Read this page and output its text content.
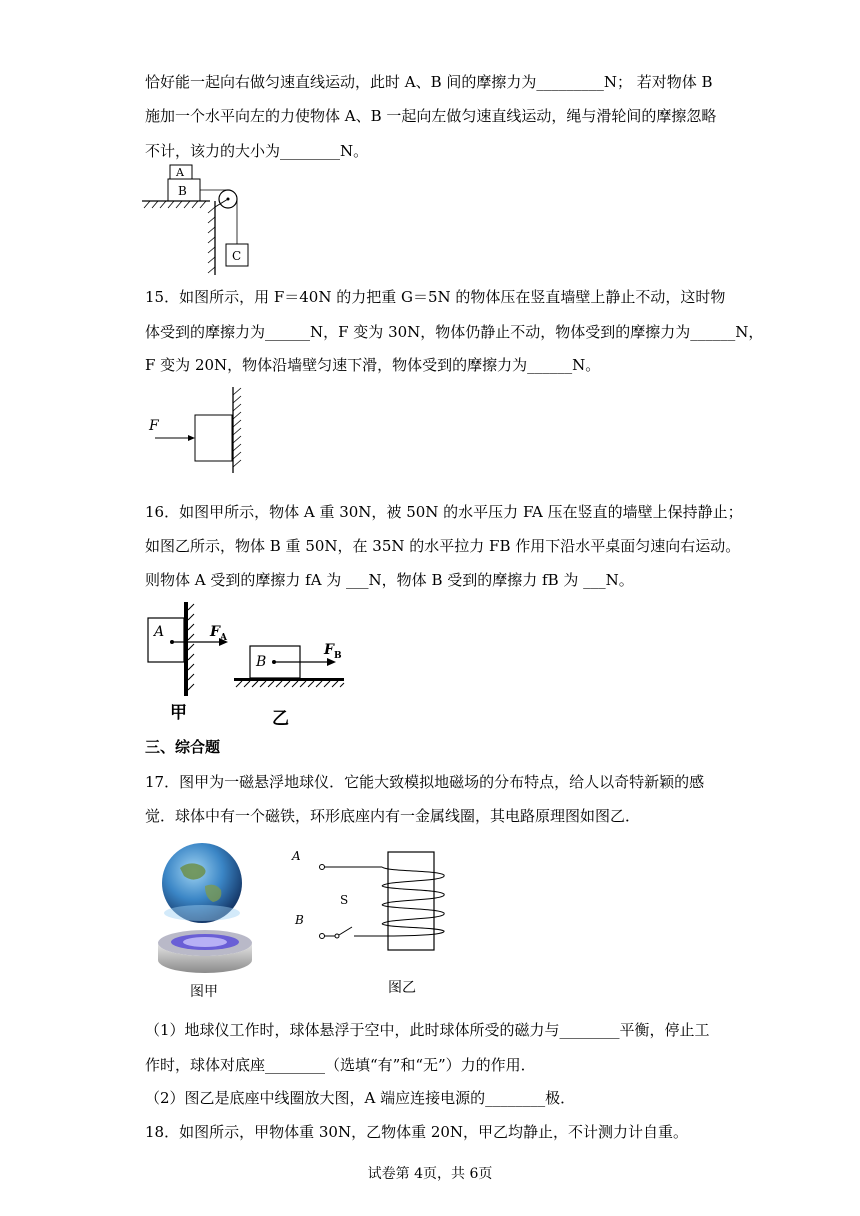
恰好能一起向右做匀速直线运动，此时 A、B 间的摩擦力为_________N； 若对物体 B
施加一个水平向左的力使物体 A、B 一起向左做匀速直线运动，绳与滑轮间的摩擦忽略
不计，该力的大小为________N。
A
B
C
15．如图所示，用 F＝40N 的力把重 G＝5N 的物体压在竖直墙壁上静止不动，这时物
体受到的摩擦力为______N，F 变为 30N，物体仍静止不动，物体受到的摩擦力为______N，
F 变为 20N，物体沿墙壁匀速下滑，物体受到的摩擦力为______N。
F
16．如图甲所示，物体 A 重 30N，被 50N 的水平压力 FA 压在竖直的墙壁上保持静止；
如图乙所示，物体 B 重 50N，在 35N 的水平拉力 FB 作用下沿水平桌面匀速向右运动。
则物体 A 受到的摩擦力 fA 为 ___N，物体 B 受到的摩擦力 fB 为 ___N。
A	F A
甲
B
F B
乙
三、综合题
17．图甲为一磁悬浮地球仪．它能大致模拟地磁场的分布特点，给人以奇特新颖的感
觉．球体中有一个磁铁，环形底座内有一金属线圈，其电路原理图如图乙．
图甲
A
B
S
图乙
（1）地球仪工作时，球体悬浮于空中，此时球体所受的磁力与________平衡，停止工
作时，球体对底座________（选填“有”和“无”）力的作用．
（2）图乙是底座中线圈放大图，A 端应连接电源的________极．
18．如图所示，甲物体重 30N，乙物体重 20N，甲乙均静止，不计测力计自重。
试卷第 4页，共 6页
